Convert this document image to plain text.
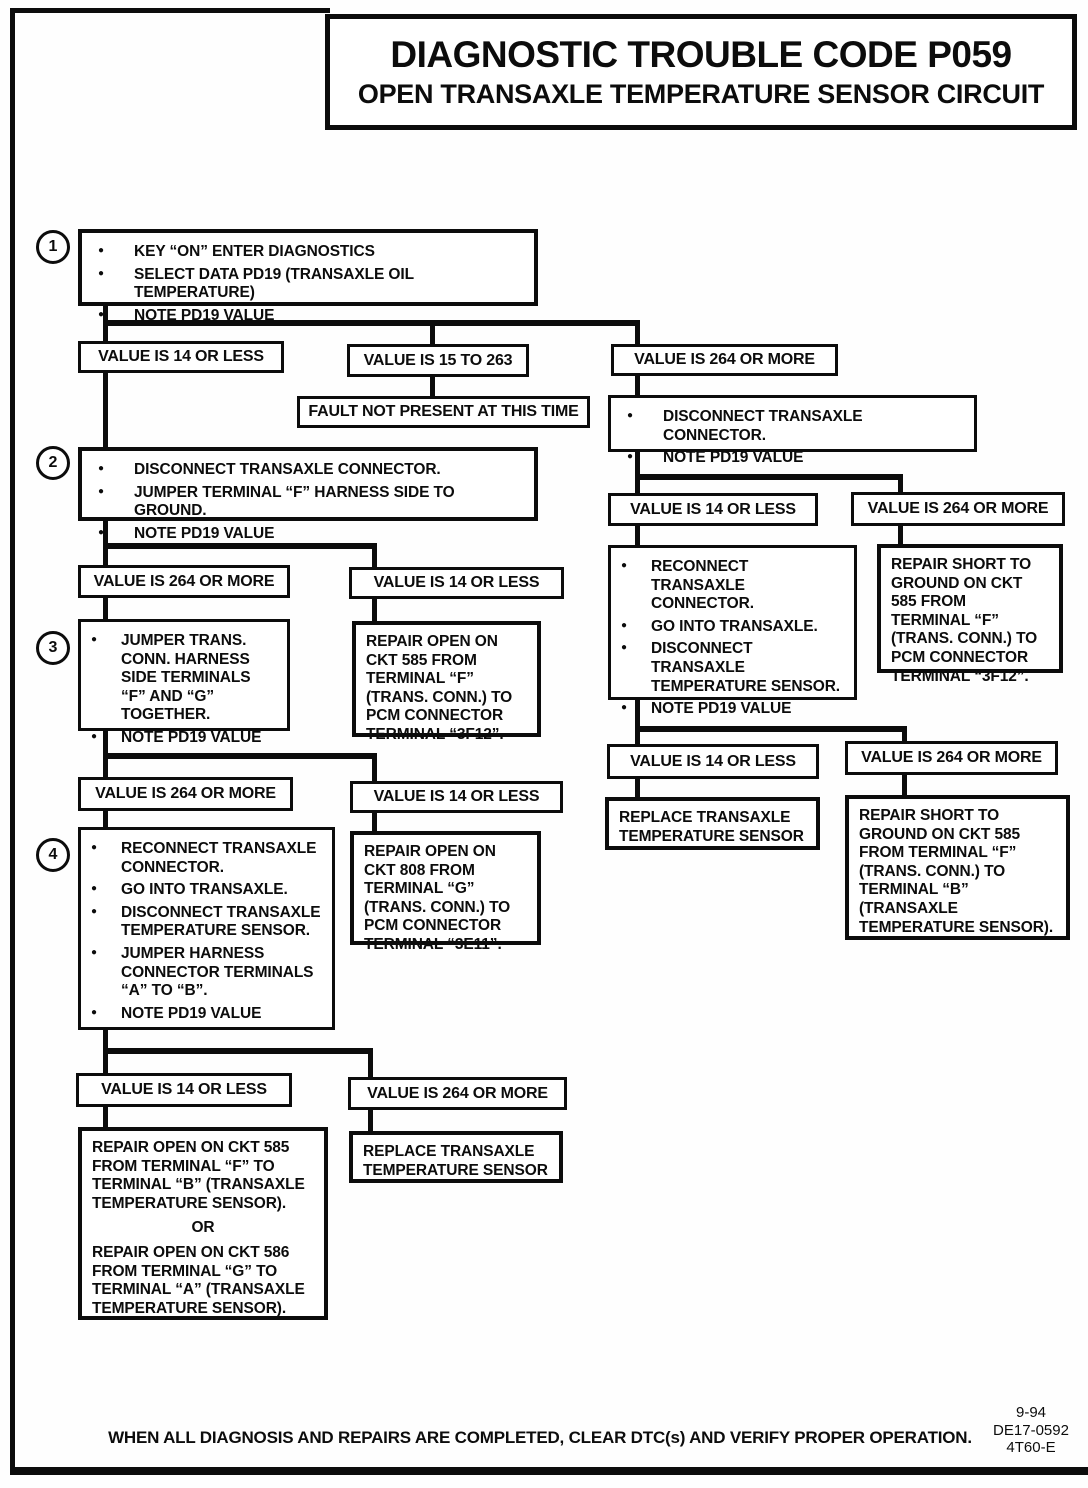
DIAGNOSTIC TROUBLE CODE P059
OPEN TRANSAXLE TEMPERATURE SENSOR CIRCUIT
1
2
3
4
● KEY “ON” ENTER DIAGNOSTICS
● SELECT DATA PD19 (TRANSAXLE OIL TEMPERATURE)
● NOTE PD19 VALUE
VALUE IS 14 OR LESS	VALUE IS 15 TO 263	VALUE IS 264 OR MORE
FAULT NOT PRESENT AT THIS TIME	● DISCONNECT TRANSAXLE CONNECTOR.
● NOTE PD19 VALUE
VALUE IS 14 OR LESS	VALUE IS 264 OR MORE
● RECONNECT TRANSAXLE CONNECTOR.
● GO INTO TRANSAXLE.
● DISCONNECT TRANSAXLE TEMPERATURE SENSOR.
● NOTE PD19 VALUE
REPAIR SHORT TO GROUND ON CKT 585 FROM TERMINAL “F” (TRANS. CONN.) TO PCM CONNECTOR TERMINAL “3F12”.
VALUE IS 14 OR LESS	VALUE IS 264 OR MORE
REPLACE TRANSAXLE TEMPERATURE SENSOR
REPAIR SHORT TO GROUND ON CKT 585 FROM TERMINAL “F” (TRANS. CONN.) TO TERMINAL “B” (TRANSAXLE TEMPERATURE SENSOR).
● DISCONNECT TRANSAXLE CONNECTOR.
● JUMPER TERMINAL “F” HARNESS SIDE TO GROUND.
● NOTE PD19 VALUE
VALUE IS 264 OR MORE	VALUE IS 14 OR LESS
● JUMPER TRANS. CONN. HARNESS SIDE TERMINALS “F” AND “G” TOGETHER.
● NOTE PD19 VALUE
REPAIR OPEN ON CKT 585 FROM TERMINAL “F” (TRANS. CONN.) TO PCM CONNECTOR TERMINAL “3F12”.
VALUE IS 264 OR MORE	VALUE IS 14 OR LESS
● RECONNECT TRANSAXLE CONNECTOR.
● GO INTO TRANSAXLE.
● DISCONNECT TRANSAXLE TEMPERATURE SENSOR.
● JUMPER HARNESS CONNECTOR TERMINALS “A” TO “B”.
● NOTE PD19 VALUE
REPAIR OPEN ON CKT 808 FROM TERMINAL “G” (TRANS. CONN.) TO PCM CONNECTOR TERMINAL “3E11”.
VALUE IS 14 OR LESS	VALUE IS 264 OR MORE
REPAIR OPEN ON CKT 585 FROM TERMINAL “F” TO TERMINAL “B” (TRANSAXLE TEMPERATURE SENSOR).
OR
REPAIR OPEN ON CKT 586 FROM TERMINAL “G” TO TERMINAL “A” (TRANSAXLE TEMPERATURE SENSOR).
REPLACE TRANSAXLE TEMPERATURE SENSOR
WHEN ALL DIAGNOSIS AND REPAIRS ARE COMPLETED, CLEAR DTC(s) AND VERIFY PROPER OPERATION.
9-94
DE17-0592
4T60-E
